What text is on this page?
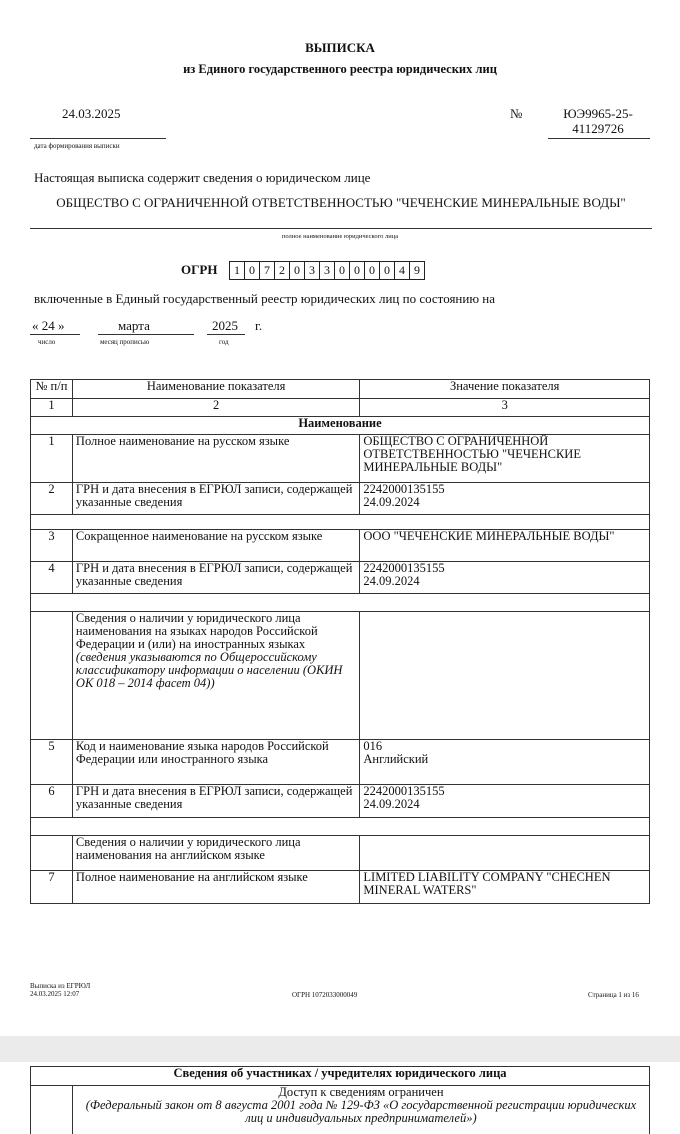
ВЫПИСКА
из Единого государственного реестра юридических лиц
24.03.2025
дата формирования выписки
№	ЮЭ9965-25-41129726
Настоящая выписка содержит сведения о юридическом лице
ОБЩЕСТВО С ОГРАНИЧЕННОЙ ОТВЕТСТВЕННОСТЬЮ "ЧЕЧЕНСКИЕ МИНЕРАЛЬНЫЕ ВОДЫ"
полное наименование юридического лица
ОГРН	1 0 7 2 0 3 3 0 0 0 0 4 9
включенные в Единый государственный реестр юридических лиц по состоянию на
« 24 »	марта	2025 г.
число	месяц прописью	год
№ п/п	Наименование показателя	Значение показателя
1	2	3
Наименование		
1	Полное наименование на русском языке	ОБЩЕСТВО С ОГРАНИЧЕННОЙ ОТВЕТСТВЕННОСТЬЮ "ЧЕЧЕНСКИЕ МИНЕРАЛЬНЫЕ ВОДЫ"
2	ГРН и дата внесения в ЕГРЮЛ записи, содержащей указанные сведения	2242000135155
24.09.2024

3	Сокращенное наименование на русском языке	ООО "ЧЕЧЕНСКИЕ МИНЕРАЛЬНЫЕ ВОДЫ"
4	ГРН и дата внесения в ЕГРЮЛ записи, содержащей указанные сведения	2242000135155
24.09.2024

	Сведения о наличии у юридического лица наименования на языках народов Российской Федерации и (или) на иностранных языках
(сведения указываются по Общероссийскому классификатору информации о населении (ОКИН ОК 018 – 2014 фасет 04))	

5	Код и наименование языка народов Российской Федерации или иностранного языка	016
Английский

6	ГРН и дата внесения в ЕГРЮЛ записи, содержащей указанные сведения	2242000135155
24.09.2024

	Сведения о наличии у юридического лица наименования на английском языке	
7	Полное наименование на английском языке	LIMITED LIABILITY COMPANY "CHECHEN MINERAL WATERS"
Выписка из ЕГРЮЛ
24.03.2025 12:07	ОГРН 1072033000049	Страница 1 из 16
Сведения об участниках / учредителях юридического лица

Доступ к сведениям ограничен
(Федеральный закон от 8 августа 2001 года № 129-ФЗ «О государственной регистрации юридических лиц и индивидуальных предпринимателей»)
